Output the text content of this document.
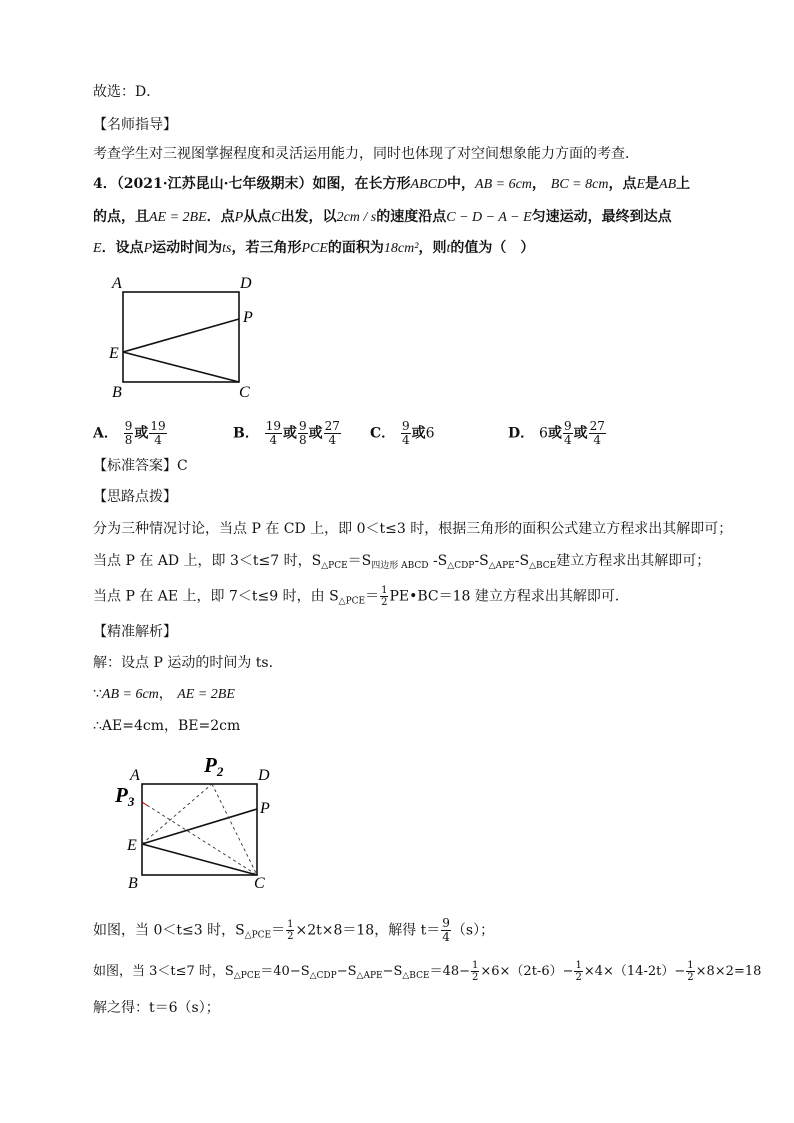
故选：D．
【名师指导】
考查学生对三视图掌握程度和灵活运用能力，同时也体现了对空间想象能力方面的考查．
4．（2021·江苏昆山·七年级期末）如图，在长方形ABCD中，AB = 6cm， BC = 8cm，点E是AB上
的点，且AE = 2BE．点P从点C出发，以2cm / s的速度沿点C − D − A − E匀速运动，最终到达点
E．设点P运动时间为ts，若三角形PCE的面积为18cm²，则t的值为（　）
A	D
P
E
B	C
A． $\frac{9}{8}$ 或 $\frac{19}{4}$	B． $\frac{19}{4}$ 或 $\frac{9}{8}$ 或 $\frac{27}{4}$ C． $\frac{9}{4}$ 或6	D． 6或 $\frac{9}{4}$ 或 $\frac{27}{4}$
【标准答案】C
【思路点拨】
分为三种情况讨论，当点 P 在 CD 上，即 0＜t≤3 时，根据三角形的面积公式建立方程求出其解即可；
当点 P 在 AD 上，即 3＜t≤7 时，$S_{\triangle PCE}=S_{四边形 ABCD}$ $-S_{\triangle CDP}-S_{\triangle APE}-S_{\triangle BCE}$建立方程求出其解即可；
当点 P 在 AE 上，即 7＜t≤9 时，由 $S_{\triangle PCE}= \frac{1}{2}$ PE•BC＝18 建立方程求出其解即可．
【精准解析】
解：设点 P 运动的时间为 ts.
∵AB = 6cm， AE = 2BE
∴AE=4cm，BE=2cm
A	D
P
E
B	C
P2
P3
如图，当 0＜t≤3 时，$S_{\triangle PCE}= \frac{1}{2} \times 2t\times 8=18$，解得 $t= \frac{9}{4} (s)$；
如图，当 3＜t≤7 时，$S_{\triangle PCE}=40-S_{\triangle CDP}-S_{\triangle APE}-S_{\triangle BCE}=48- \frac{1}{2} \times 6\times(2t-6)- \frac{1}{2} \times 4\times(14-2t)- \frac{1}{2} \times 8\times 2=18$
解之得：t＝6（s）；
